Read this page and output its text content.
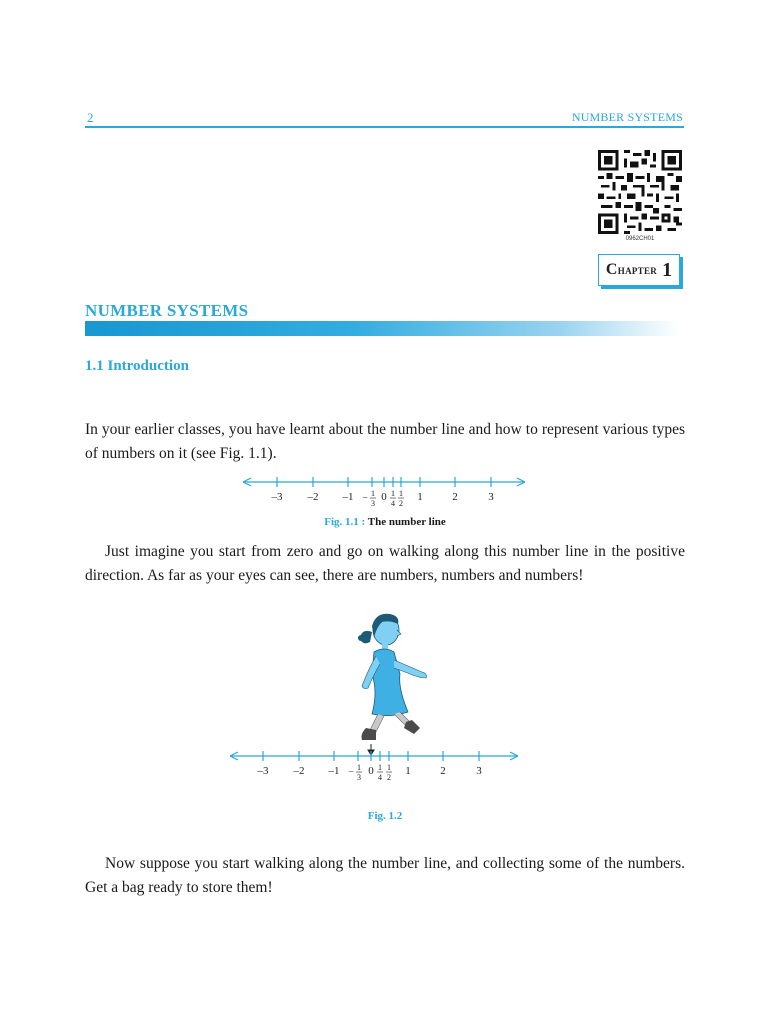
2	NUMBER SYSTEMS
0962CH01
Chapter 1
NUMBER SYSTEMS
1.1 Introduction

In your earlier classes, you have learnt about the number line and how to represent various types of numbers on it (see Fig. 1.1).

–3 –2 –1 – 1
3
0 1
4
1
2
1	2	3
Fig. 1.1 : The number line

Just imagine you start from zero and go on walking along this number line in the positive direction. As far as your eyes can see, there are numbers, numbers and numbers!

–3 –2 –1 – 1
3
0 1
4
1
2
1	2	3
Fig. 1.2

Now suppose you start walking along the number line, and collecting some of the numbers. Get a bag ready to store them!
